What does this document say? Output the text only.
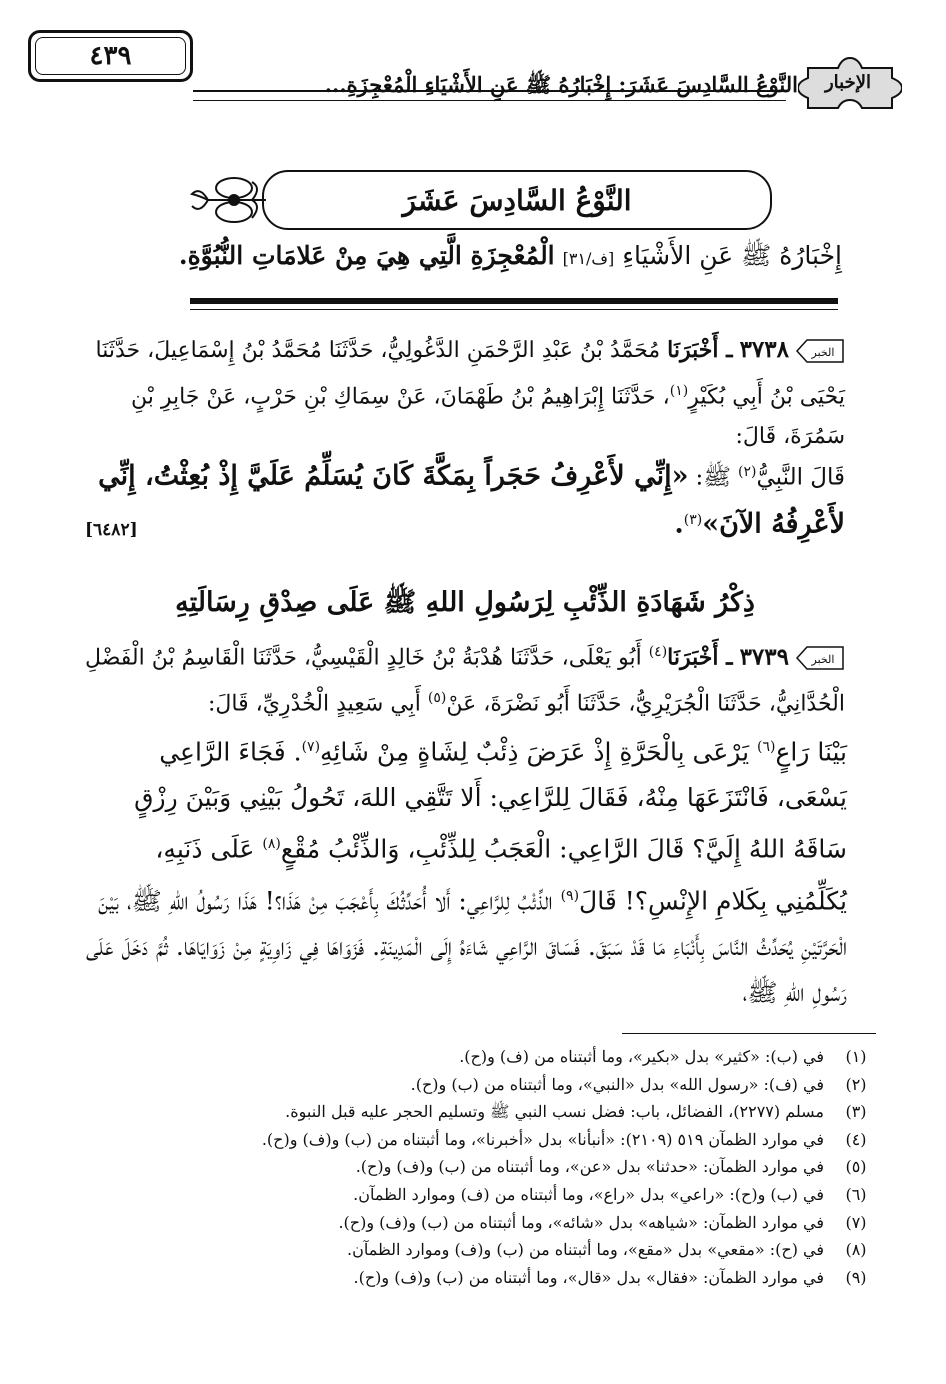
٤٣٩
النَّوْعُ السَّادِسَ عَشَرَ: إِخْبَارُهُ ﷺ عَنِ الأَشْيَاءِ الْمُعْجِزَةِ...	الإخبار
النَّوْعُ السَّادِسَ عَشَرَ
إِخْبَارُهُ ﷺ عَنِ الأَشْيَاءِ [ف/٣١] الْمُعْجِزَةِ الَّتِي هِيَ مِنْ عَلامَاتِ النُّبُوَّةِ.
الخبر
٣٧٣٨ ـ أَخْبَرَنَا مُحَمَّدُ بْنُ عَبْدِ الرَّحْمَنِ الدَّغُولِيُّ، حَدَّثَنَا مُحَمَّدُ بْنُ إِسْمَاعِيلَ، حَدَّثَنَا يَحْيَى بْنُ أَبِي بُكَيْرٍ$^{(١)}$، حَدَّثَنَا إِبْرَاهِيمُ بْنُ طَهْمَانَ، عَنْ سِمَاكِ بْنِ حَرْبٍ، عَنْ جَابِرِ بْنِ سَمُرَةَ، قَالَ:
قَالَ النَّبِيُّ$^{(٢)}$ ﷺ: «إِنِّي لأَعْرِفُ حَجَراً بِمَكَّةَ كَانَ يُسَلِّمُ عَلَيَّ إِذْ بُعِثْتُ، إِنِّي لأَعْرِفُهُ الآنَ»$^{(٣)}$.
[٦٤٨٢]
ذِكْرُ شَهَادَةِ الذِّئْبِ لِرَسُولِ اللهِ ﷺ عَلَى صِدْقِ رِسَالَتِهِ
الخبر
٣٧٣٩ ـ أَخْبَرَنَا$^{(٤)}$ أَبُو يَعْلَى، حَدَّثَنَا هُدْبَةُ بْنُ خَالِدٍ الْقَيْسِيُّ، حَدَّثَنَا الْقَاسِمُ بْنُ الْفَضْلِ الْحُدَّانِيُّ، حَدَّثَنَا الْجُرَيْرِيُّ، حَدَّثَنَا أَبُو نَضْرَةَ، عَنْ$^{(٥)}$ أَبِي سَعِيدٍ الْخُدْرِيِّ، قَالَ:
بَيْنَا رَاعٍ$^{(٦)}$ يَرْعَى بِالْحَرَّةِ إِذْ عَرَضَ ذِئْبٌ لِشَاةٍ مِنْ شَائِهِ$^{(٧)}$. فَجَاءَ الرَّاعِي يَسْعَى، فَانْتَزَعَهَا مِنْهُ، فَقَالَ لِلرَّاعِي: أَلا تَتَّقِي اللهَ، تَحُولُ بَيْنِي وَبَيْنَ رِزْقٍ سَاقَهُ اللهُ إِلَيَّ؟ قَالَ الرَّاعِي: الْعَجَبُ لِلذِّئْبِ، وَالذِّئْبُ مُقْعٍ$^{(٨)}$ عَلَى ذَنَبِهِ، يُكَلِّمُنِي بِكَلامِ الإِنْسِ؟! قَالَ$^{(٩)}$ الذِّئْبُ لِلرَّاعِي: أَلا أُحَدِّثُكَ بِأَعْجَبَ مِنْ هَذَا؟! هَذَا رَسُولُ اللهِ ﷺ، بَيْنَ الْحَرَّتَيْنِ يُحَدِّثُ النَّاسَ بِأَنْبَاءِ مَا قَدْ سَبَقَ. فَسَاقَ الرَّاعِي شَاءَهُ إِلَى الْمَدِينَةِ. فَزَوَاهَا فِي زَاوِيَةٍ مِنْ زَوَايَاهَا. ثُمَّ دَخَلَ عَلَى رَسُولِ اللهِ ﷺ،
(١)
في (ب): «كثير» بدل «بكير»، وما أثبتناه من (ف) و(ح).
(٢)
في (ف): «رسول الله» بدل «النبي»، وما أثبتناه من (ب) و(ح).
(٣)
مسلم (٢٢٧٧)، الفضائل، باب: فضل نسب النبي ﷺ وتسليم الحجر عليه قبل النبوة.
(٤)
في موارد الظمآن ٥١٩ (٢١٠٩): «أنبأنا» بدل «أخبرنا»، وما أثبتناه من (ب) و(ف) و(ح).
(٥)
في موارد الظمآن: «حدثنا» بدل «عن»، وما أثبتناه من (ب) و(ف) و(ح).
(٦)
في (ب) و(ح): «راعي» بدل «راع»، وما أثبتناه من (ف) وموارد الظمآن.
(٧)
في موارد الظمآن: «شياهه» بدل «شائه»، وما أثبتناه من (ب) و(ف) و(ح).
(٨)
في (ح): «مقعي» بدل «مقع»، وما أثبتناه من (ب) و(ف) وموارد الظمآن.
(٩)
في موارد الظمآن: «فقال» بدل «قال»، وما أثبتناه من (ب) و(ف) و(ح).
